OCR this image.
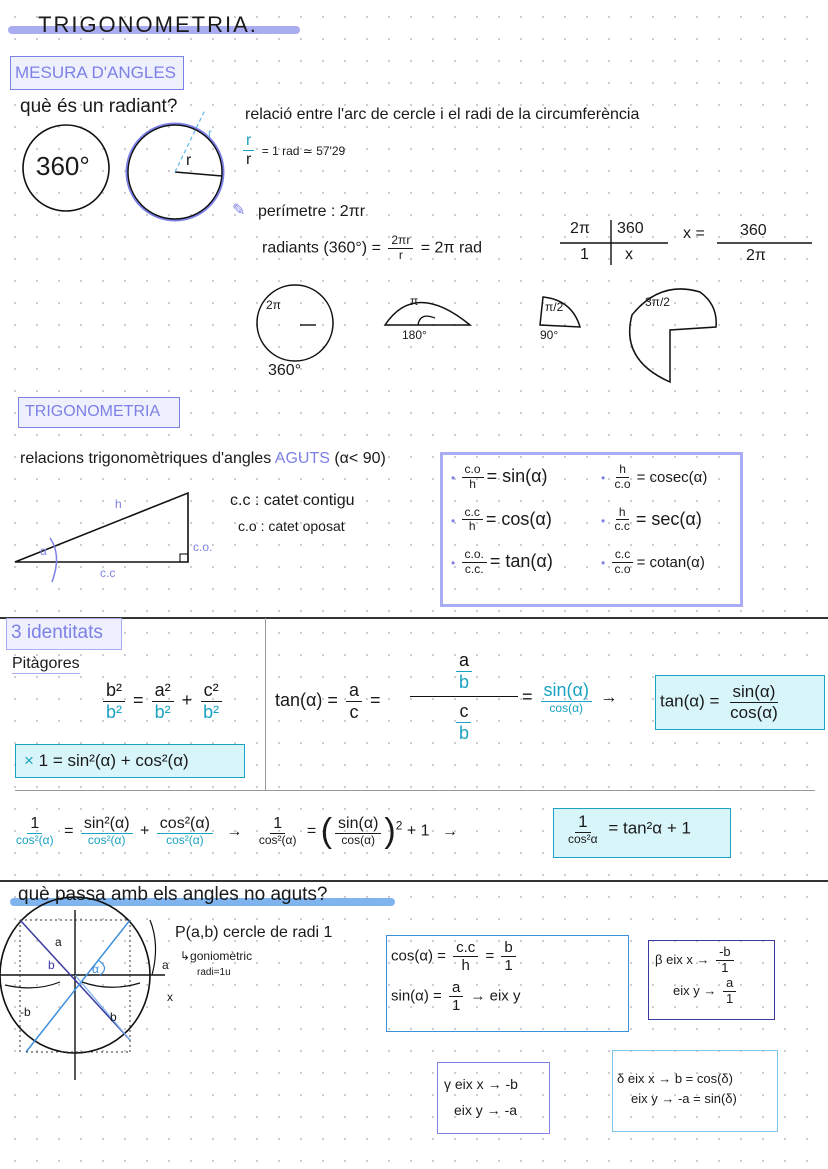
TRIGONOMETRIA.
MESURA D'ANGLES
què és un radiant?
360°	r
r
relació entre l'arc de cercle i el radi de la circumferència
$\frac{r}{r} = 1$ rad ≃ 57'29
✎ perímetre : 2πr
radiants $(360^\circ) = \frac{2\pi r}{r} = 2\pi$ rad
2π 360
1 x
x = 360
2π
2π
360°
π
180°
π/2
90°
3π/2
TRIGONOMETRIA
relacions trigonomètriques d'angles AGUTS (α< 90)
h
c.c
c.o.
α
c.c : catet contigu
c.o : catet oposat
• $\frac{c.o}{h} = \sin(\alpha)$	• $\frac{h}{c.o} = cosec(\alpha)$
• $\frac{c.c}{h} = \cos(\alpha)$	• $\frac{h}{c.c} = \sec(\alpha)$
• $\frac{c.o.}{c.c.} = \tan(\alpha)$	• $\frac{c.c}{c.o} = cotan(\alpha)$
3 identitats
Pitàgores
$\frac{\text{b²}}{\text{b²}} = \frac{\text{a²}}{\text{b²}} + \frac{\text{c²}}{\text{b²}}$
× 1 = sin²(α) + cos²(α)
$\tan(\alpha) = \frac{a}{c}$ =
$\frac{a}{b}$
$\frac{c}{b}$
= $\frac{\sin(\alpha)}{\cos(\alpha)} \to \tan(\alpha) = \frac{\sin(\alpha)}{\cos(\alpha)}$
$\frac{1}{\text{cos²(α)}} = \frac{\text{sin²(α)}}{\text{cos²(α)}} + \frac{\text{cos²(α)}}{\text{cos²(α)}} \to \frac{1}{\text{cos²(α)}}$ = ( $\frac{\sin(\alpha)}{\cos(\alpha)} )^2 + 1$ →	$\frac{1}{\text{cos²α}} = \tan^2\alpha + 1$
què passa amb els angles no aguts?
a
b	α	a
x
-b	b
P(a,b) cercle de radi 1
↳goniomètric
radi=1u
$\cos(\alpha) = \frac{c.c}{h} = \frac{b}{1}$
$\sin(\alpha) = \frac{a}{1}$ → eix y
β eix $x \to \frac{-b}{1}$
eix $y \to \frac{a}{1}$
γ eix x → -b
eix y → -a
δ eix x → b = cos(δ)
eix y → -a = sin(δ)
